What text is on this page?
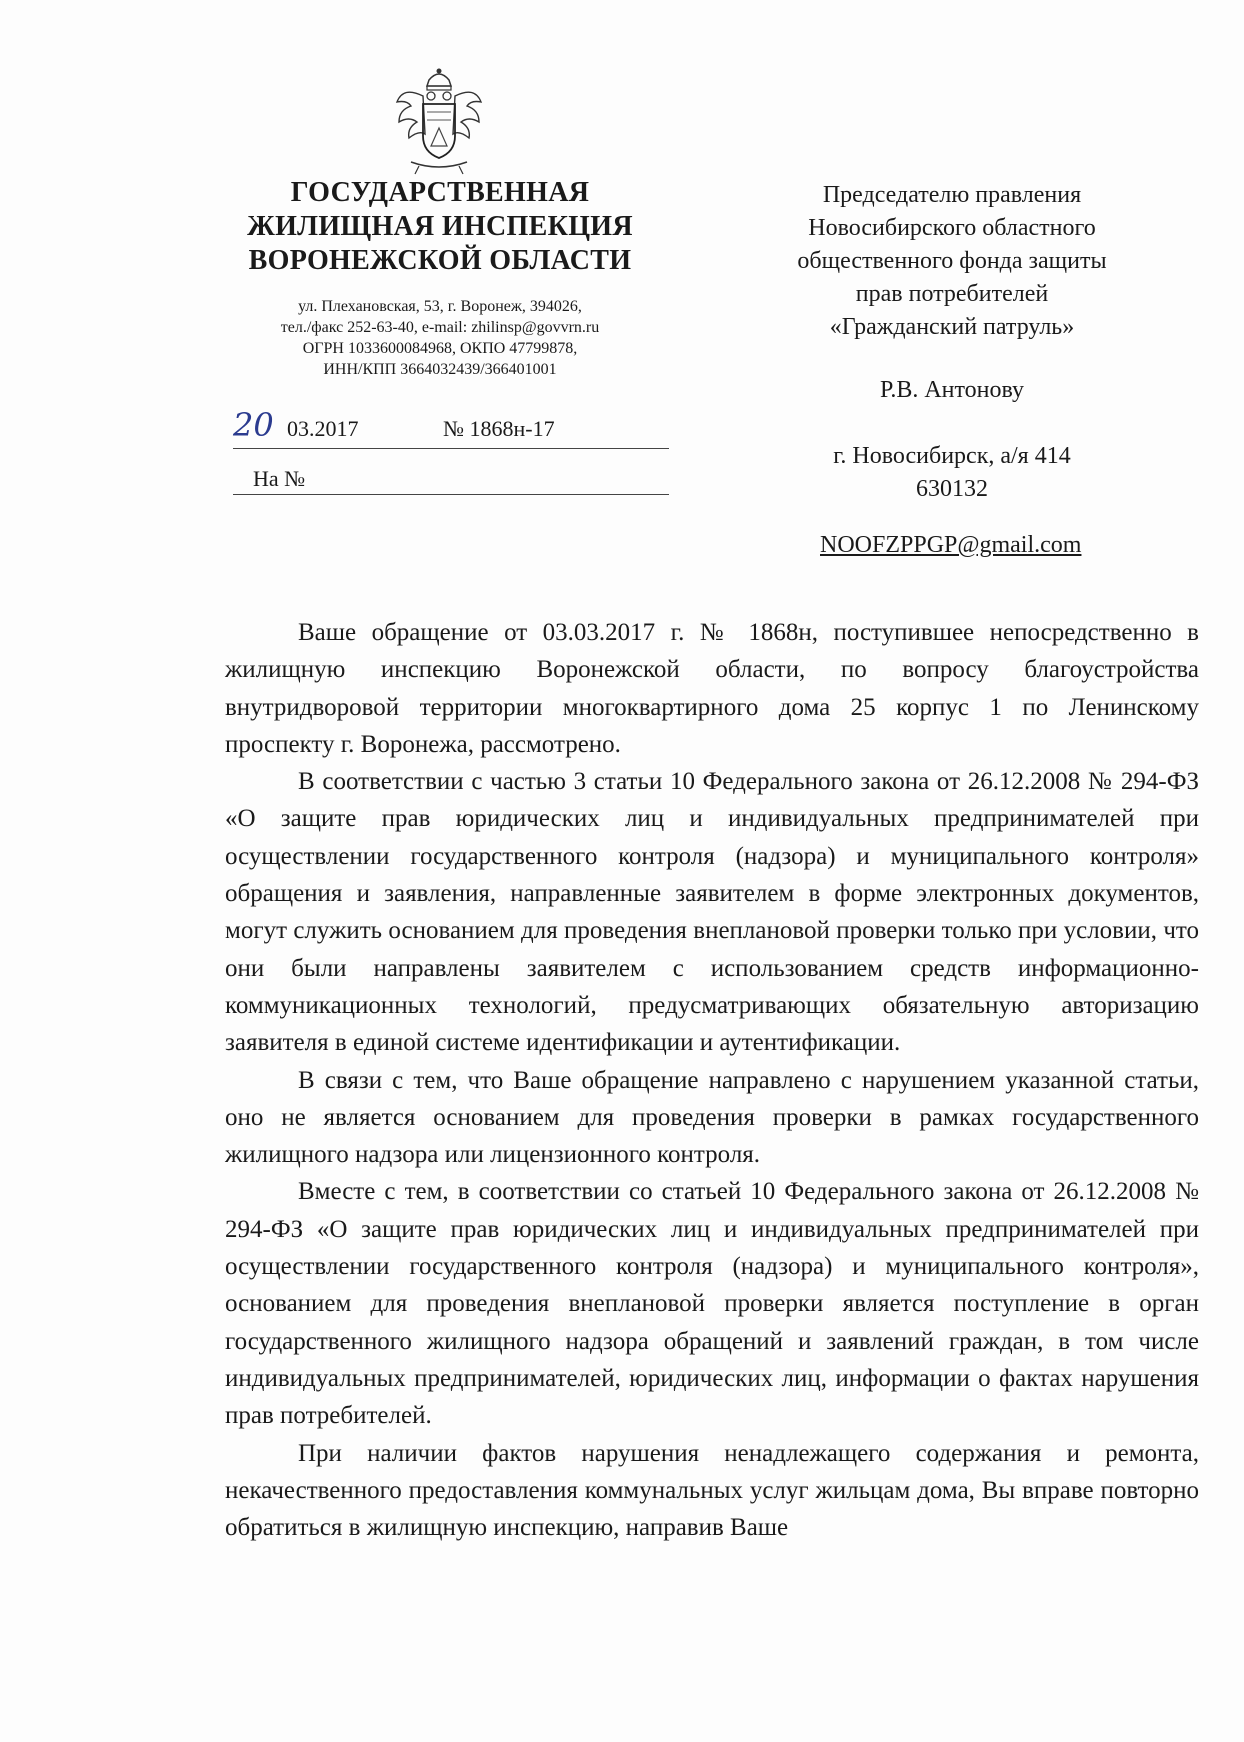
ГОСУДАРСТВЕННАЯ
ЖИЛИЩНАЯ ИНСПЕКЦИЯ
ВОРОНЕЖСКОЙ ОБЛАСТИ
ул. Плехановская, 53, г. Воронеж, 394026,
тел./факс 252-63-40, e-mail: zhilinsp@govvrn.ru
ОГРН 1033600084968, ОКПО 47799878,
ИНН/КПП 3664032439/366401001
20 03.2017	№ 1868н-17
На №
Председателю правления
Новосибирского областного
общественного фонда защиты
прав потребителей
«Гражданский патруль»
Р.В. Антонову
г. Новосибирск, а/я 414
630132
NOOFZPPGP@gmail.com

Ваше обращение от 03.03.2017 г. № 1868н, поступившее непосредственно в жилищную инспекцию Воронежской области, по вопросу благоустройства внутридворовой территории многоквартирного дома 25 корпус 1 по Ленинскому проспекту г. Воронежа, рассмотрено.

В соответствии с частью 3 статьи 10 Федерального закона от 26.12.2008 № 294-ФЗ «О защите прав юридических лиц и индивидуальных предпринимателей при осуществлении государственного контроля (надзора) и муниципального контроля» обращения и заявления, направленные заявителем в форме электронных документов, могут служить основанием для проведения внеплановой проверки только при условии, что они были направлены заявителем с использованием средств информационно-коммуникационных технологий, предусматривающих обязательную авторизацию заявителя в единой системе идентификации и аутентификации.

В связи с тем, что Ваше обращение направлено с нарушением указанной статьи, оно не является основанием для проведения проверки в рамках государственного жилищного надзора или лицензионного контроля.

Вместе с тем, в соответствии со статьей 10 Федерального закона от 26.12.2008 № 294-ФЗ «О защите прав юридических лиц и индивидуальных предпринимателей при осуществлении государственного контроля (надзора) и муниципального контроля», основанием для проведения внеплановой проверки является поступление в орган государственного жилищного надзора обращений и заявлений граждан, в том числе индивидуальных предпринимателей, юридических лиц, информации о фактах нарушения прав потребителей.

При наличии фактов нарушения ненадлежащего содержания и ремонта, некачественного предоставления коммунальных услуг жильцам дома, Вы вправе повторно обратиться в жилищную инспекцию, направив Ваше
